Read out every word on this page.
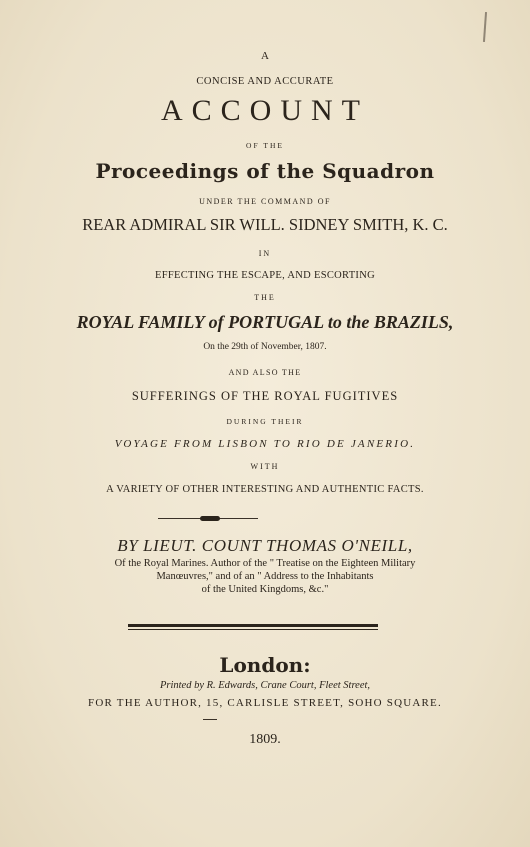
A
CONCISE AND ACCURATE
ACCOUNT
OF THE
Proceedings of the Squadron
UNDER THE COMMAND OF
REAR ADMIRAL SIR WILL. SIDNEY SMITH, K. C.
IN
EFFECTING THE ESCAPE, AND ESCORTING
THE
ROYAL FAMILY of PORTUGAL to the BRAZILS,
On the 29th of November, 1807.
AND ALSO THE
SUFFERINGS OF THE ROYAL FUGITIVES
DURING THEIR
VOYAGE FROM LISBON TO RIO DE JANERIO.
WITH
A VARIETY OF OTHER INTERESTING AND AUTHENTIC FACTS.
BY LIEUT. COUNT THOMAS O'NEILL,
Of the Royal Marines. Author of the " Treatise on the Eighteen Military
Manœuvres," and of an " Address to the Inhabitants
of the United Kingdoms, &c."
London:
Printed by R. Edwards, Crane Court, Fleet Street,
FOR THE AUTHOR, 15, CARLISLE STREET, SOHO SQUARE.
1809.
